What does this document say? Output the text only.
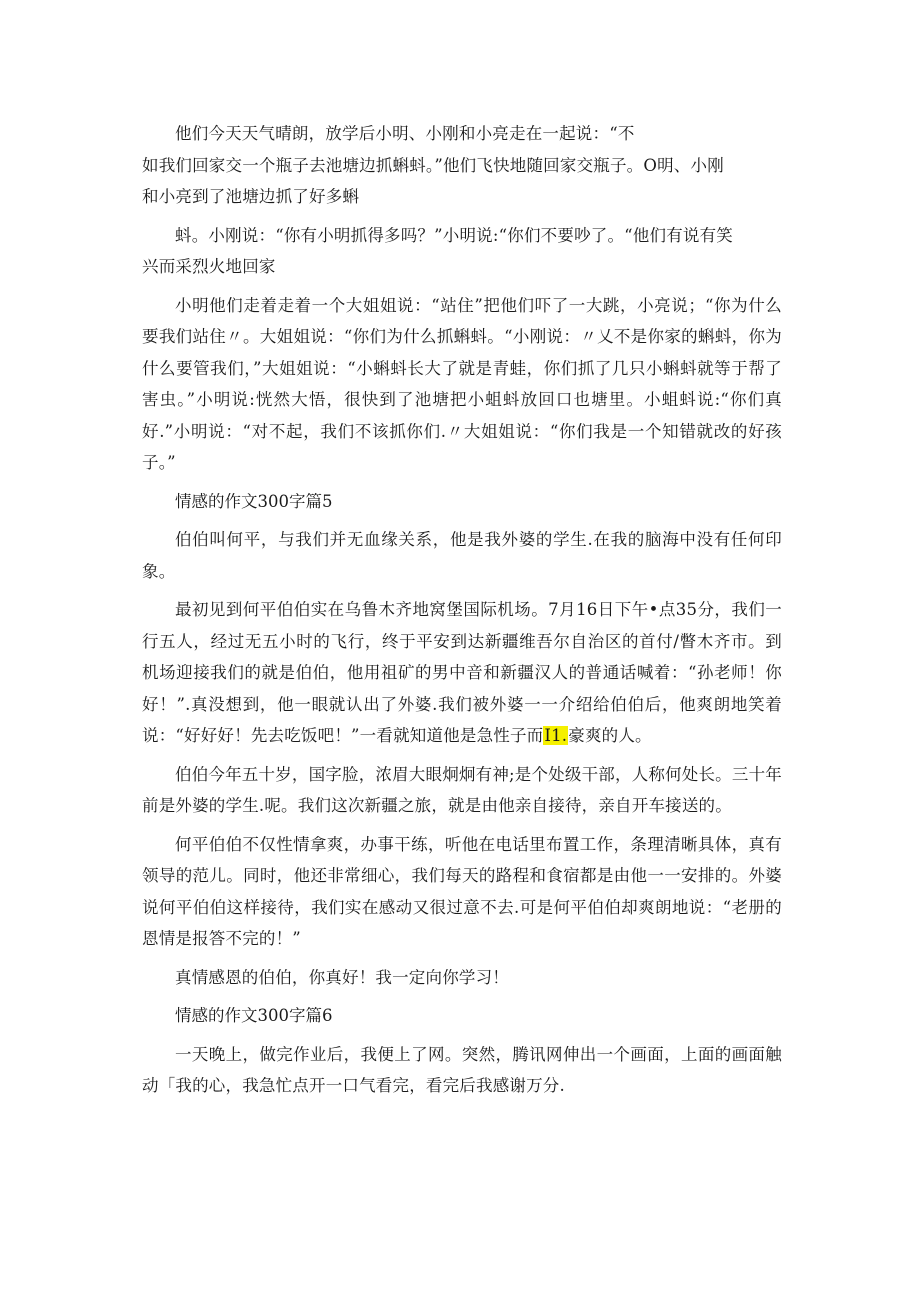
他们今天天气晴朗，放学后小明、小刚和小亮走在一起说：“不
如我们回家交一个瓶子去池塘边抓蝌蚪。”他们飞快地随回家交瓶子。O明、小刚
和小亮到了池塘边抓了好多蝌
蚪。小刚说：“你有小明抓得多吗？”小明说:“你们不要吵了。“他们有说有笑
兴而采烈火地回家

小明他们走着走着一个大姐姐说：“站住”把他们吓了一大跳，小亮说；“你为什么要我们站住〃。大姐姐说：“你们为什么抓蝌蚪。“小刚说：〃乂不是你家的蝌蚪，你为什么要管我们，”大姐姐说：“小蝌蚪长大了就是青蛙，你们抓了几只小蝌蚪就等于帮了害虫。”小明说:恍然大悟，很快到了池塘把小蛆蚪放回口也塘里。小蛆蚪说:“你们真好.”小明说：“对不起，我们不该抓你们.〃大姐姐说：“你们我是一个知错就改的好孩子。”

情感的作文300字篇5

伯伯叫何平，与我们并无血缘关系，他是我外婆的学生.在我的脑海中没有任何印象。

最初见到何平伯伯实在乌鲁木齐地窝堡国际机场。7月16日下午•点35分，我们一行五人，经过无五小时的飞行，终于平安到达新疆维吾尔自治区的首付/瞥木齐市。到机场迎接我们的就是伯伯，他用祖矿的男中音和新疆汉人的普通话喊着：“孙老师！你好！”.真没想到，他一眼就认出了外婆.我们被外婆一一介绍给伯伯后，他爽朗地笑着说：“好好好！先去吃饭吧！”一看就知道他是急性子而I1.豪爽的人。

伯伯今年五十岁，国字脸，浓眉大眼炯炯有神;是个处级干部，人称何处长。三十年前是外婆的学生.呢。我们这次新疆之旅，就是由他亲自接待，亲自开车接送的。

何平伯伯不仅性情拿爽，办事干练，听他在电话里布置工作，条理清晰具体，真有领导的范儿。同时，他还非常细心，我们每天的路程和食宿都是由他一一安排的。外婆说何平伯伯这样接待，我们实在感动又很过意不去.可是何平伯伯却爽朗地说：“老册的恩情是报答不完的！”

真情感恩的伯伯，你真好！我一定向你学习！

情感的作文300字篇6

一天晚上，做完作业后，我便上了网。突然，腾讯网伸出一个画面，上面的画面触动「我的心，我急忙点开一口气看完，看完后我感谢万分.
